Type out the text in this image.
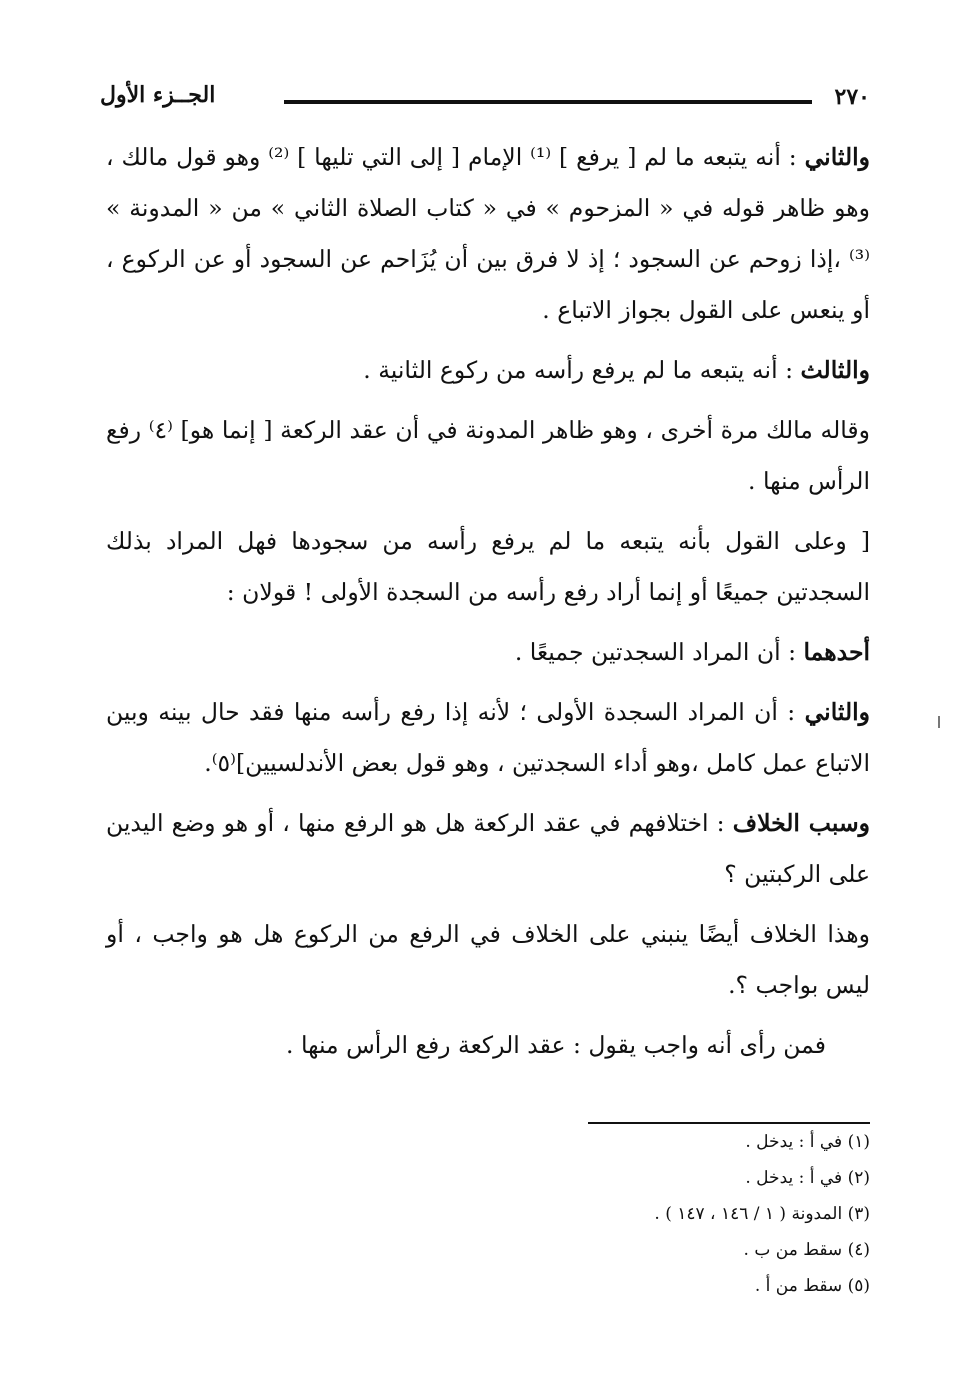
٢٧٠
الجــزء الأول

والثاني : أنه يتبعه ما لم [ يرفع ] ⁽¹⁾ الإمام [ إلى التي تليها ] ⁽²⁾ وهو قول مالك ، وهو ظاهر قوله في « المزحوم » في « كتاب الصلاة الثاني » من « المدونة » ⁽³⁾ ،إذا زوحم عن السجود ؛ إذ لا فرق بين أن يُزَاحم عن السجود أو عن الركوع ، أو ينعس على القول بجواز الاتباع .

والثالث : أنه يتبعه ما لم يرفع رأسه من ركوع الثانية .

وقاله مالك مرة أخرى ، وهو ظاهر المدونة في أن عقد الركعة [ إنما هو] ⁽٤⁾ رفع الرأس منها .

[ وعلى القول بأنه يتبعه ما لم يرفع رأسه من سجودها فهل المراد بذلك السجدتين جميعًا أو إنما أراد رفع رأسه من السجدة الأولى ! قولان :

أحدهما : أن المراد السجدتين جميعًا .

والثاني : أن المراد السجدة الأولى ؛ لأنه إذا رفع رأسه منها فقد حال بينه وبين الاتباع عمل كامل ،وهو أداء السجدتين ، وهو قول بعض الأندلسيين]⁽٥⁾.

وسبب الخلاف : اختلافهم في عقد الركعة هل هو الرفع منها ، أو هو وضع اليدين على الركبتين ؟

وهذا الخلاف أيضًا ينبني على الخلاف في الرفع من الركوع هل هو واجب ، أو ليس بواجب ؟.

فمن رأى أنه واجب يقول : عقد الركعة رفع الرأس منها .

(١) في أ : يدخل .
(٢) في أ : يدخل .
(٣) المدونة ( ١ / ١٤٦ ، ١٤٧ ) .
(٤) سقط من ب .
(٥) سقط من أ .
